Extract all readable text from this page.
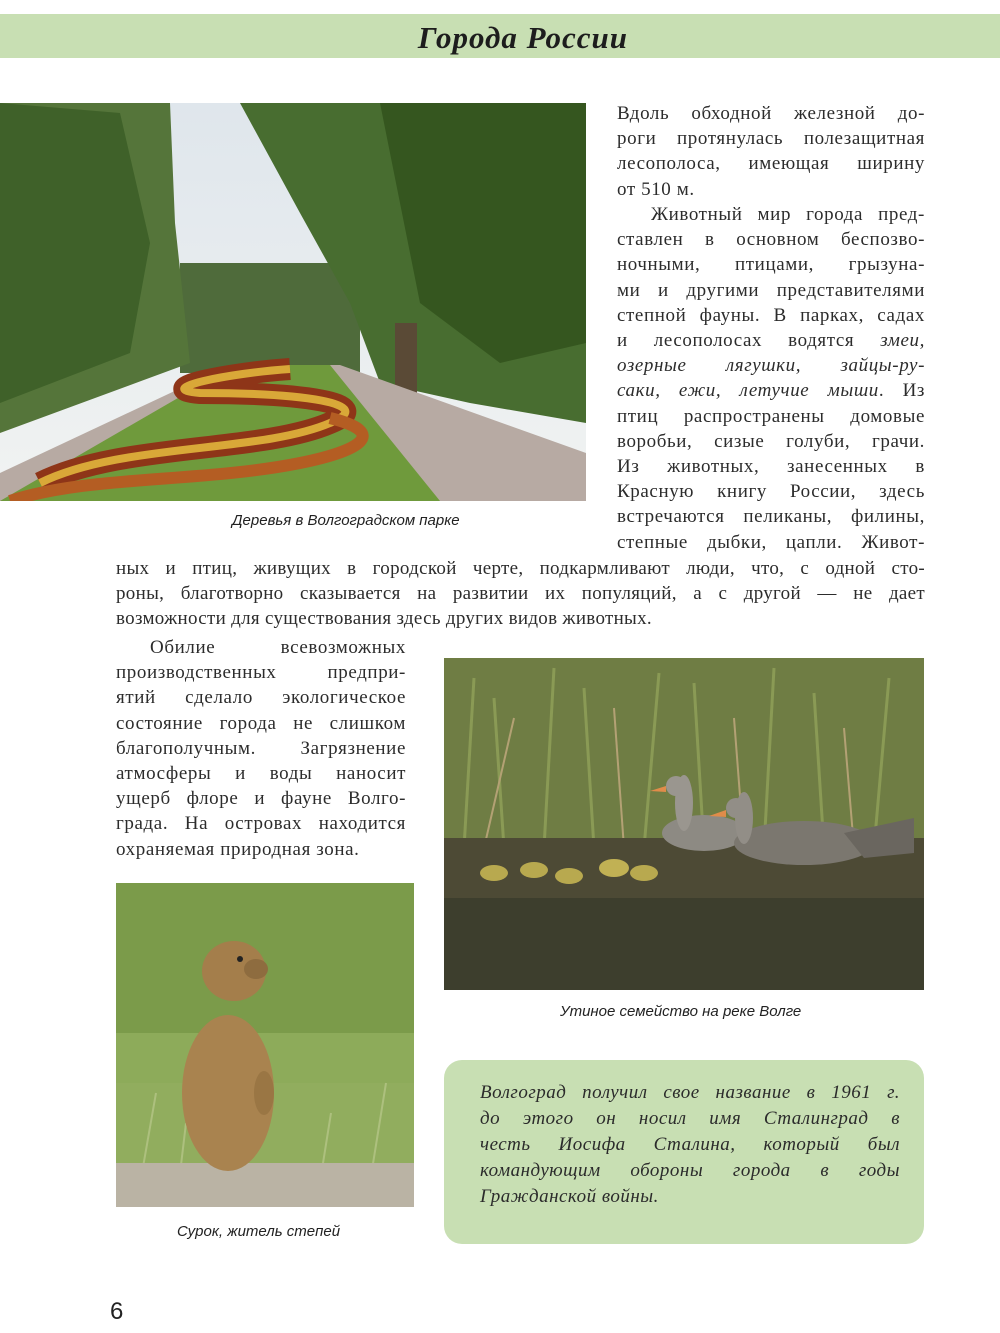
Города России
Деревья в Волгоградском парке
Вдоль обходной железной до-
роги протянулась полезащитная
лесополоса, имеющая ширину
от 510 м.
Животный мир города пред-
ставлен в основном беспозво-
ночными, птицами, грызуна-
ми и другими представителями
степной фауны. В парках, садах
и лесополосах водятся змеи,
озерные лягушки, зайцы-ру-
саки, ежи, летучие мыши. Из
птиц распространены домовые
воробьи, сизые голуби, грачи.
Из животных, занесенных в
Красную книгу России, здесь
встречаются пеликаны, филины,
степные дыбки, цапли. Живот-
ных и птиц, живущих в городской черте, подкармливают люди, что, с одной сто-
роны, благотворно сказывается на развитии их популяций, а с другой — не дает
возможности для существования здесь других видов животных.
Обилие всевозможных
производственных предпри-
ятий сделало экологическое
состояние города не слишком
благополучным. Загрязнение
атмосферы и воды наносит
ущерб флоре и фауне Волго-
града. На островах находится
охраняемая природная зона.
Утиное семейство на реке Волге
Сурок, житель степей
Волгоград получил свое название в 1961 г.
до этого он носил имя Сталинград в
честь Иосифа Сталина, который был
командующим обороны города в годы
Гражданской войны.
6
